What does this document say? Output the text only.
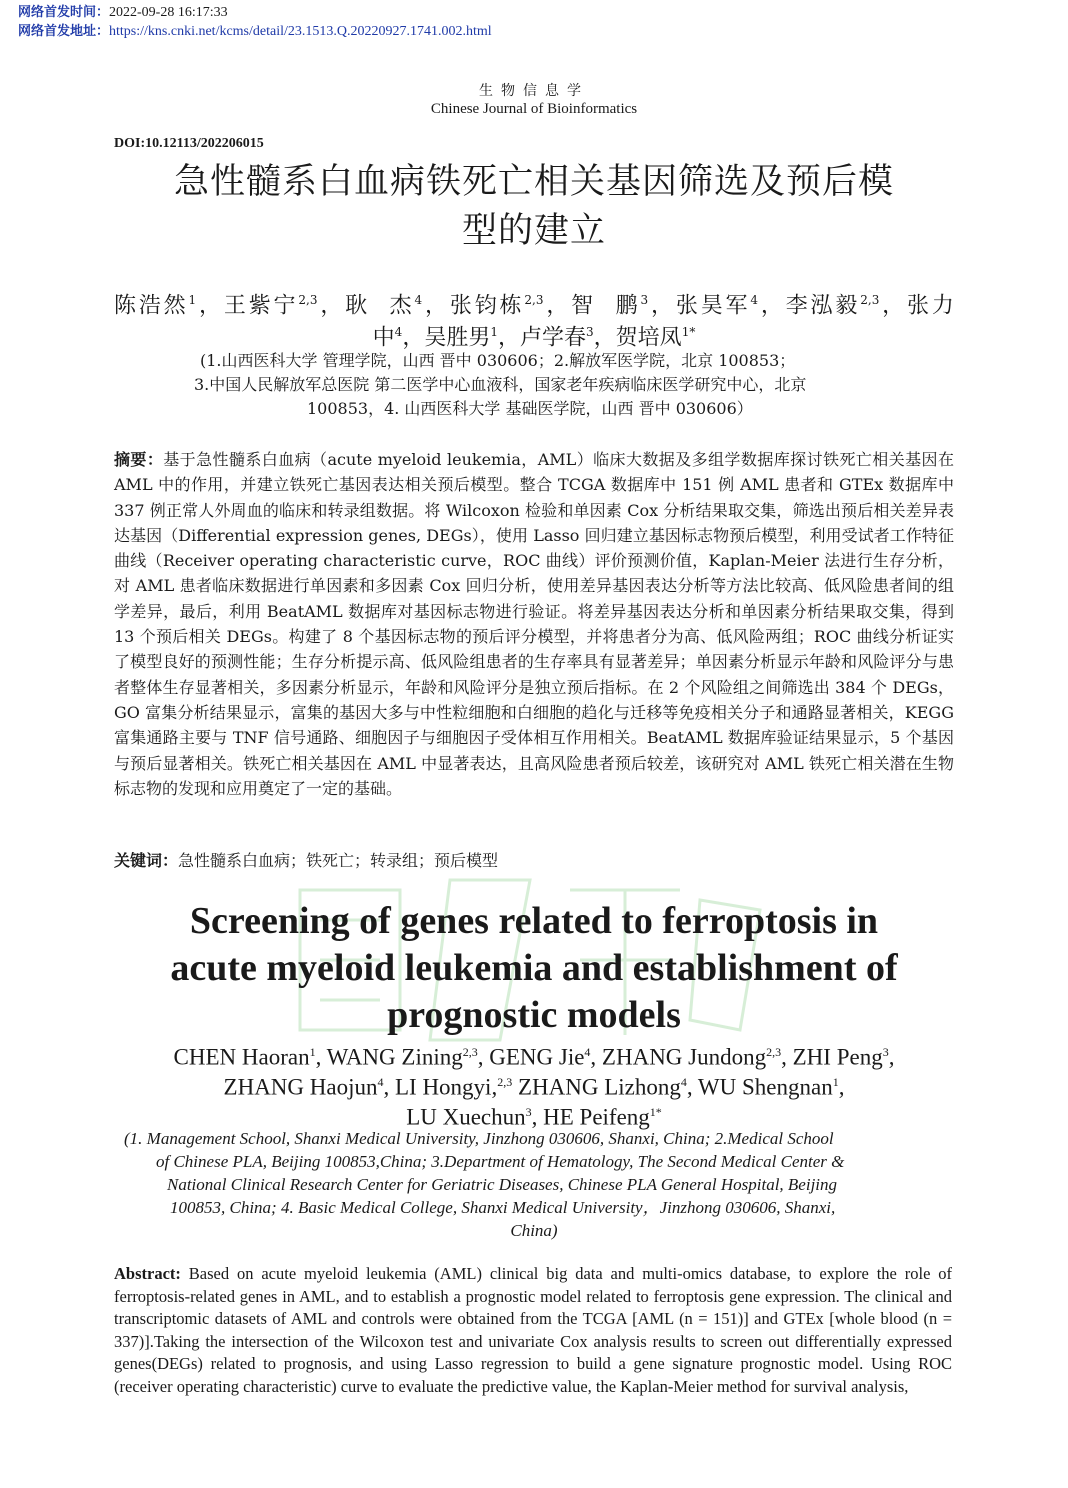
网络首发时间：2022-09-28 16:17:33
网络首发地址：https://kns.cnki.net/kcms/detail/23.1513.Q.20220927.1741.002.html
生物信息学
Chinese Journal of Bioinformatics
DOI:10.12113/202206015
急性髓系白血病铁死亡相关基因筛选及预后模
型的建立
陈浩然$^1$，王紫宁$^{2,3}$，耿  杰$^4$，张钧栋$^{2,3}$，智  鹏$^3$，张昊军$^4$，李泓毅$^{2,3}$，张力
中$^4$，吴胜男$^1$，卢学春$^3$，贺培凤$^{1*}$
(1.山西医科大学 管理学院，山西 晋中 030606；2.解放军医学院，北京 100853；
3.中国人民解放军总医院 第二医学中心血液科，国家老年疾病临床医学研究中心，北京
100853，4. 山西医科大学 基础医学院，山西 晋中 030606）
摘要：基于急性髓系白血病（acute myeloid leukemia，AML）临床大数据及多组学数据库探讨铁死亡相关基因在 AML 中的作用，并建立铁死亡基因表达相关预后模型。整合 TCGA 数据库中 151 例 AML 患者和 GTEx 数据库中 337 例正常人外周血的临床和转录组数据。将 Wilcoxon 检验和单因素 Cox 分析结果取交集，筛选出预后相关差异表达基因（Differential expression genes, DEGs），使用 Lasso 回归建立基因标志物预后模型，利用受试者工作特征曲线（Receiver operating characteristic curve，ROC 曲线）评价预测价值，Kaplan-Meier 法进行生存分析，对 AML 患者临床数据进行单因素和多因素 Cox 回归分析，使用差异基因表达分析等方法比较高、低风险患者间的组学差异，最后，利用 BeatAML 数据库对基因标志物进行验证。将差异基因表达分析和单因素分析结果取交集，得到 13 个预后相关 DEGs。构建了 8 个基因标志物的预后评分模型，并将患者分为高、低风险两组；ROC 曲线分析证实了模型良好的预测性能；生存分析提示高、低风险组患者的生存率具有显著差异；单因素分析显示年龄和风险评分与患者整体生存显著相关，多因素分析显示，年龄和风险评分是独立预后指标。在 2 个风险组之间筛选出 384 个 DEGs，GO 富集分析结果显示，富集的基因大多与中性粒细胞和白细胞的趋化与迁移等免疫相关分子和通路显著相关，KEGG 富集通路主要与 TNF 信号通路、细胞因子与细胞因子受体相互作用相关。BeatAML 数据库验证结果显示，5 个基因与预后显著相关。铁死亡相关基因在 AML 中显著表达，且高风险患者预后较差，该研究对 AML 铁死亡相关潜在生物标志物的发现和应用奠定了一定的基础。
关键词：急性髓系白血病；铁死亡；转录组；预后模型
Screening of genes related to ferroptosis in
acute myeloid leukemia and establishment of
prognostic models
CHEN Haoran$^1$, WANG Zining$^{2,3}$, GENG Jie$^4$, ZHANG Jundong$^{2,3}$, ZHI Peng$^3$,
ZHANG Haojun$^4$, LI Hongyi,$^{2,3}$ ZHANG Lizhong$^4$, WU Shengnan$^1$,
LU Xuechun$^3$, HE Peifeng$^{1*}$
(1. Management School, Shanxi Medical University, Jinzhong 030606, Shanxi, China; 2.Medical School
of Chinese PLA, Beijing 100853,China; 3.Department of Hematology, The Second Medical Center &
National Clinical Research Center for Geriatric Diseases, Chinese PLA General Hospital, Beijing
100853, China; 4. Basic Medical College, Shanxi Medical University，Jinzhong 030606, Shanxi,
China)
Abstract: Based on acute myeloid leukemia (AML) clinical big data and multi-omics database, to explore the role of ferroptosis-related genes in AML, and to establish a prognostic model related to ferroptosis gene expression. The clinical and transcriptomic datasets of AML and controls were obtained from the TCGA [AML (n = 151)] and GTEx [whole blood (n = 337)].Taking the intersection of the Wilcoxon test and univariate Cox analysis results to screen out differentially expressed genes(DEGs) related to prognosis, and using Lasso regression to build a gene signature prognostic model. Using ROC (receiver operating characteristic) curve to evaluate the predictive value, the Kaplan-Meier method for survival analysis,
